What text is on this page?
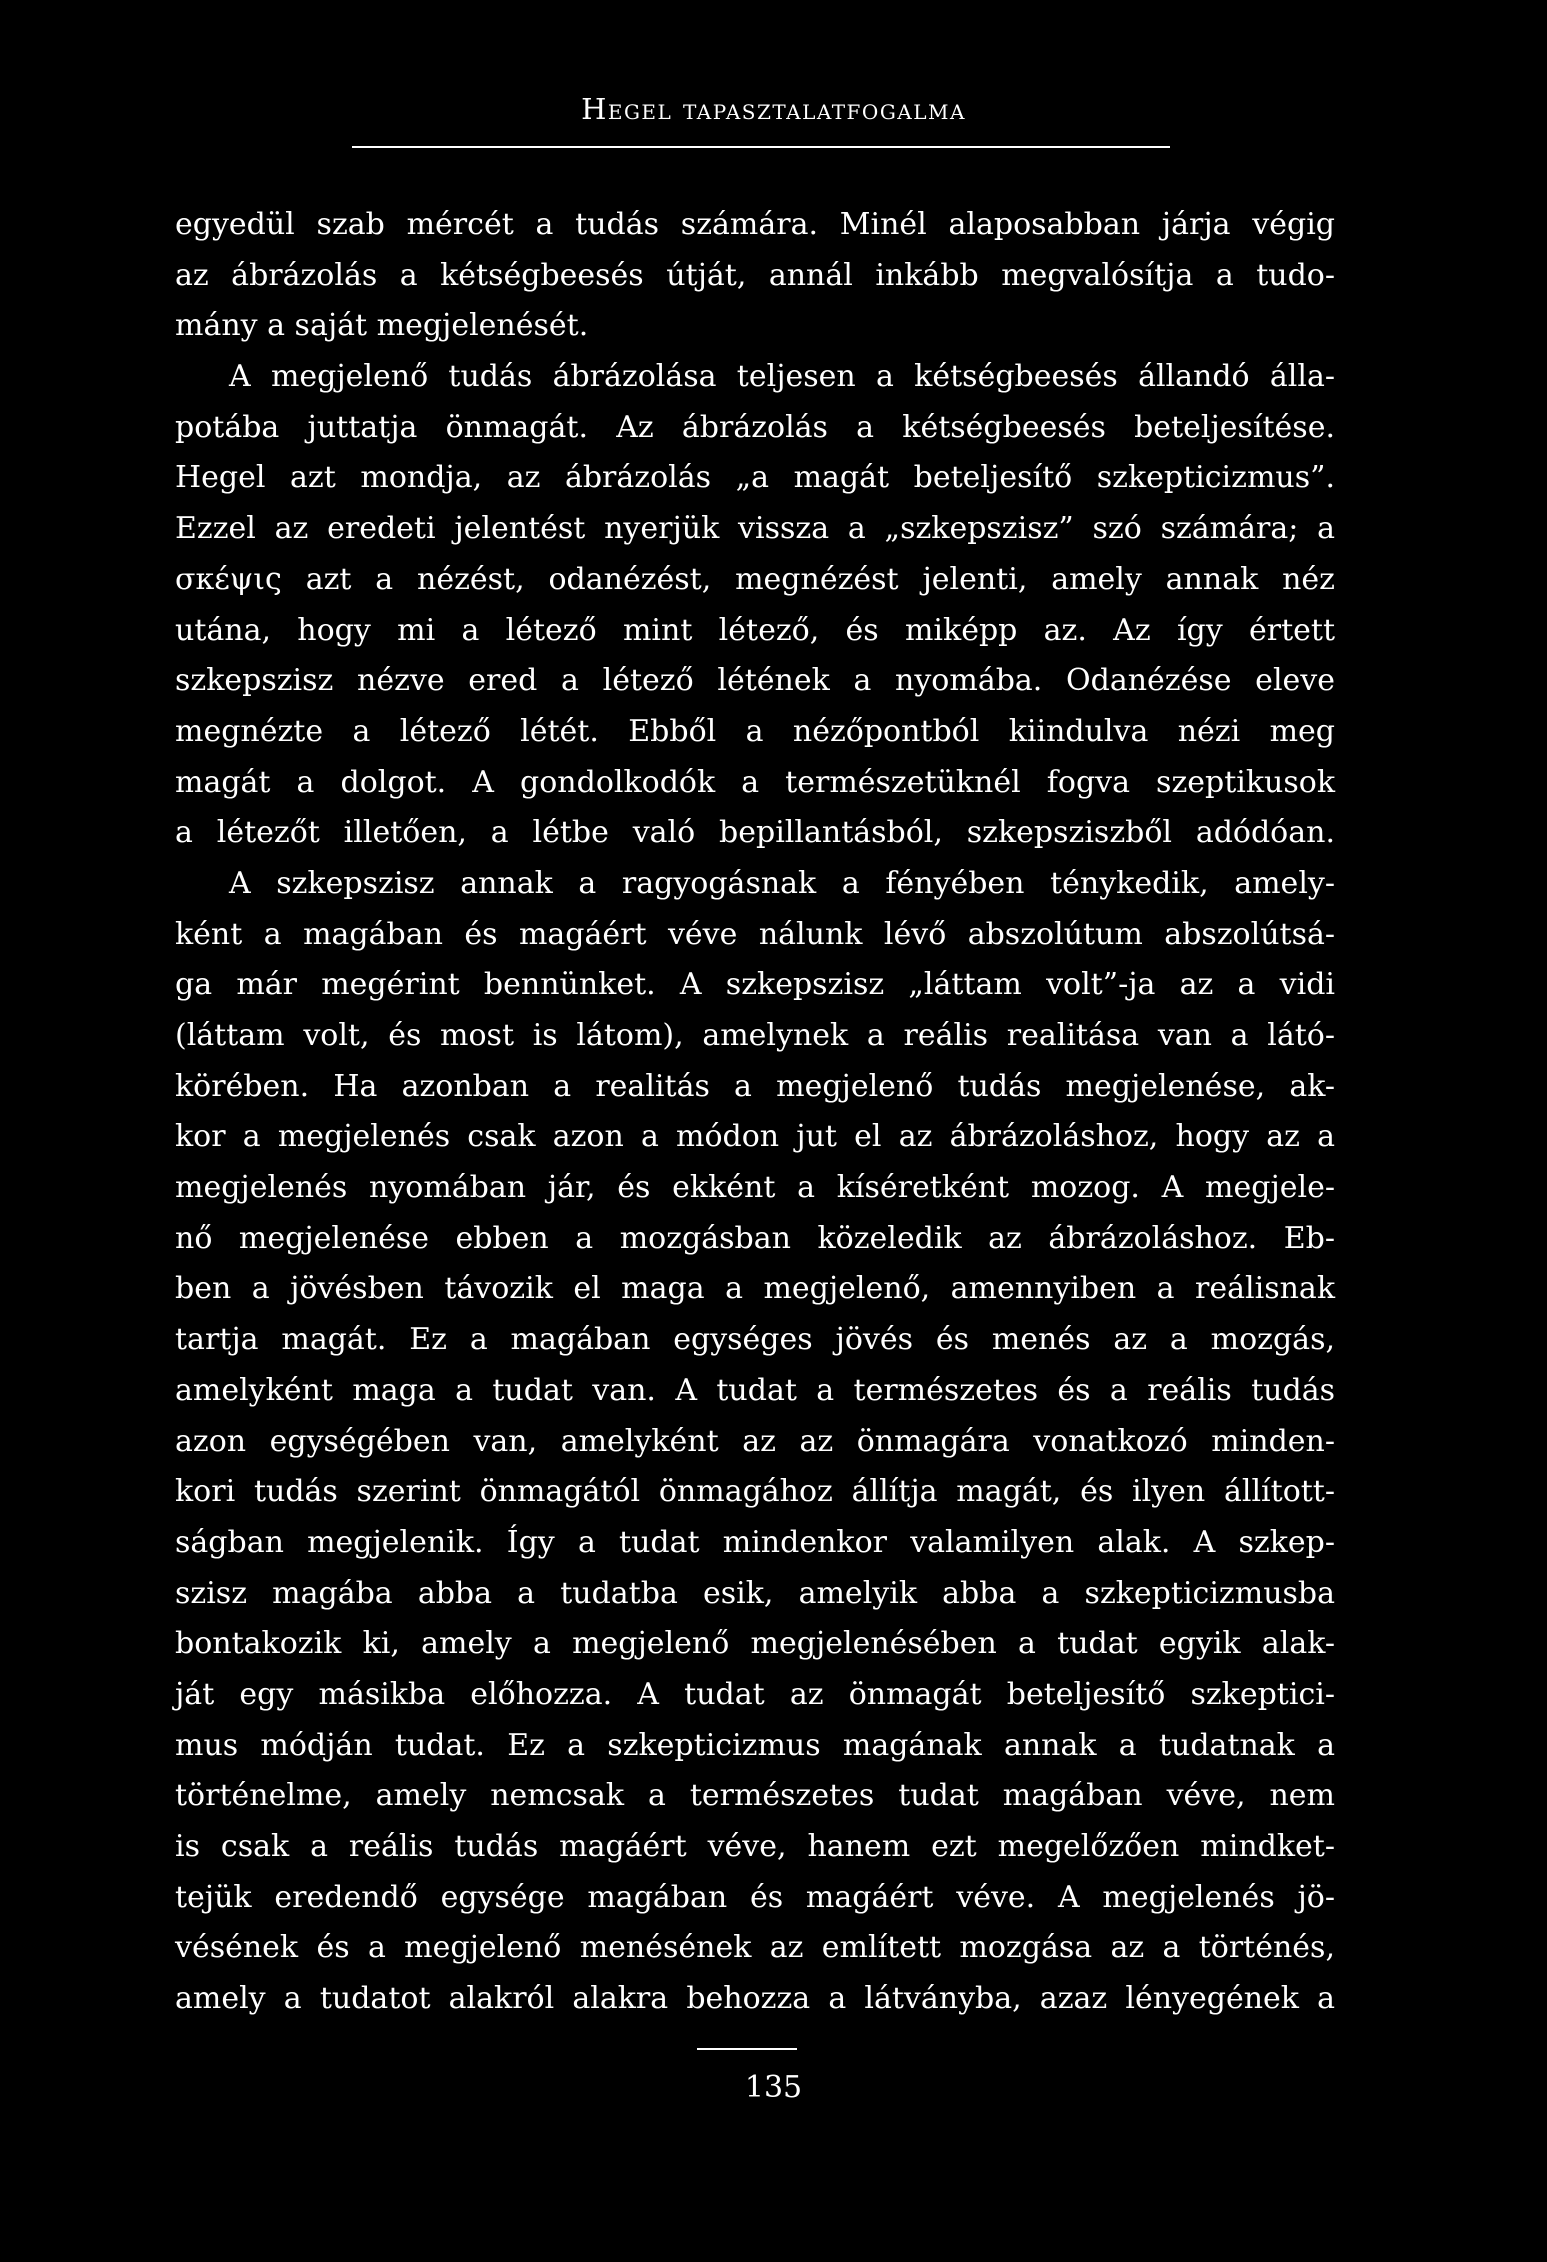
Hegel tapasztalatfogalma
egyedül szab mércét a tudás számára. Minél alaposabban járja végig
az ábrázolás a kétségbeesés útját, annál inkább megvalósítja a tudo-
mány a saját megjelenését.
A megjelenő tudás ábrázolása teljesen a kétségbeesés állandó álla-
potába juttatja önmagát. Az ábrázolás a kétségbeesés beteljesítése.
Hegel azt mondja, az ábrázolás „a magát beteljesítő szkepticizmus”.
Ezzel az eredeti jelentést nyerjük vissza a „szkepszisz” szó számára; a
σκέψις azt a nézést, odanézést, megnézést jelenti, amely annak néz
utána, hogy mi a létező mint létező, és miképp az. Az így értett
szkepszisz nézve ered a létező létének a nyomába. Odanézése eleve
megnézte a létező létét. Ebből a nézőpontból kiindulva nézi meg
magát a dolgot. A gondolkodók a természetüknél fogva szeptikusok
a létezőt illetően, a létbe való bepillantásból, szkepsziszből adódóan.
A szkepszisz annak a ragyogásnak a fényében ténykedik, amely-
ként a magában és magáért véve nálunk lévő abszolútum abszolútsá-
ga már megérint bennünket. A szkepszisz „láttam volt”-ja az a vidi
(láttam volt, és most is látom), amelynek a reális realitása van a látó-
körében. Ha azonban a realitás a megjelenő tudás megjelenése, ak-
kor a megjelenés csak azon a módon jut el az ábrázoláshoz, hogy az a
megjelenés nyomában jár, és ekként a kíséretként mozog. A megjele-
nő megjelenése ebben a mozgásban közeledik az ábrázoláshoz. Eb-
ben a jövésben távozik el maga a megjelenő, amennyiben a reálisnak
tartja magát. Ez a magában egységes jövés és menés az a mozgás,
amelyként maga a tudat van. A tudat a természetes és a reális tudás
azon egységében van, amelyként az az önmagára vonatkozó minden-
kori tudás szerint önmagától önmagához állítja magát, és ilyen állított-
ságban megjelenik. Így a tudat mindenkor valamilyen alak. A szkep-
szisz magába abba a tudatba esik, amelyik abba a szkepticizmusba
bontakozik ki, amely a megjelenő megjelenésében a tudat egyik alak-
ját egy másikba előhozza. A tudat az önmagát beteljesítő szkeptici-
mus módján tudat. Ez a szkepticizmus magának annak a tudatnak a
történelme, amely nemcsak a természetes tudat magában véve, nem
is csak a reális tudás magáért véve, hanem ezt megelőzően mindket-
tejük eredendő egysége magában és magáért véve. A megjelenés jö-
vésének és a megjelenő menésének az említett mozgása az a történés,
amely a tudatot alakról alakra behozza a látványba, azaz lényegének a
135
